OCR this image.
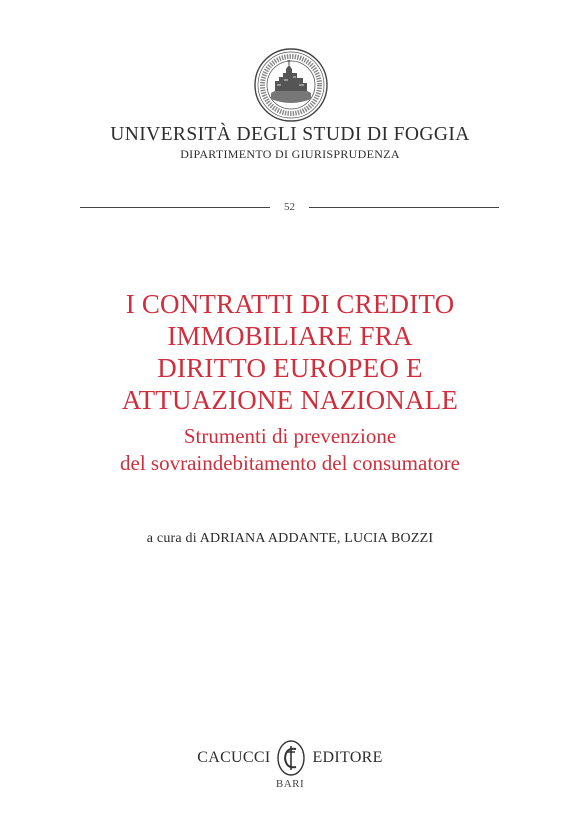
UNIVERSITÀ DEGLI STUDI DI FOGGIA
DIPARTIMENTO DI GIURISPRUDENZA
52
I CONTRATTI DI CREDITO
IMMOBILIARE FRA
DIRITTO EUROPEO E
ATTUAZIONE NAZIONALE
Strumenti di prevenzione
del sovraindebitamento del consumatore
a cura di ADRIANA ADDANTE, LUCIA BOZZI
CACUCCI	EDITORE
BARI
